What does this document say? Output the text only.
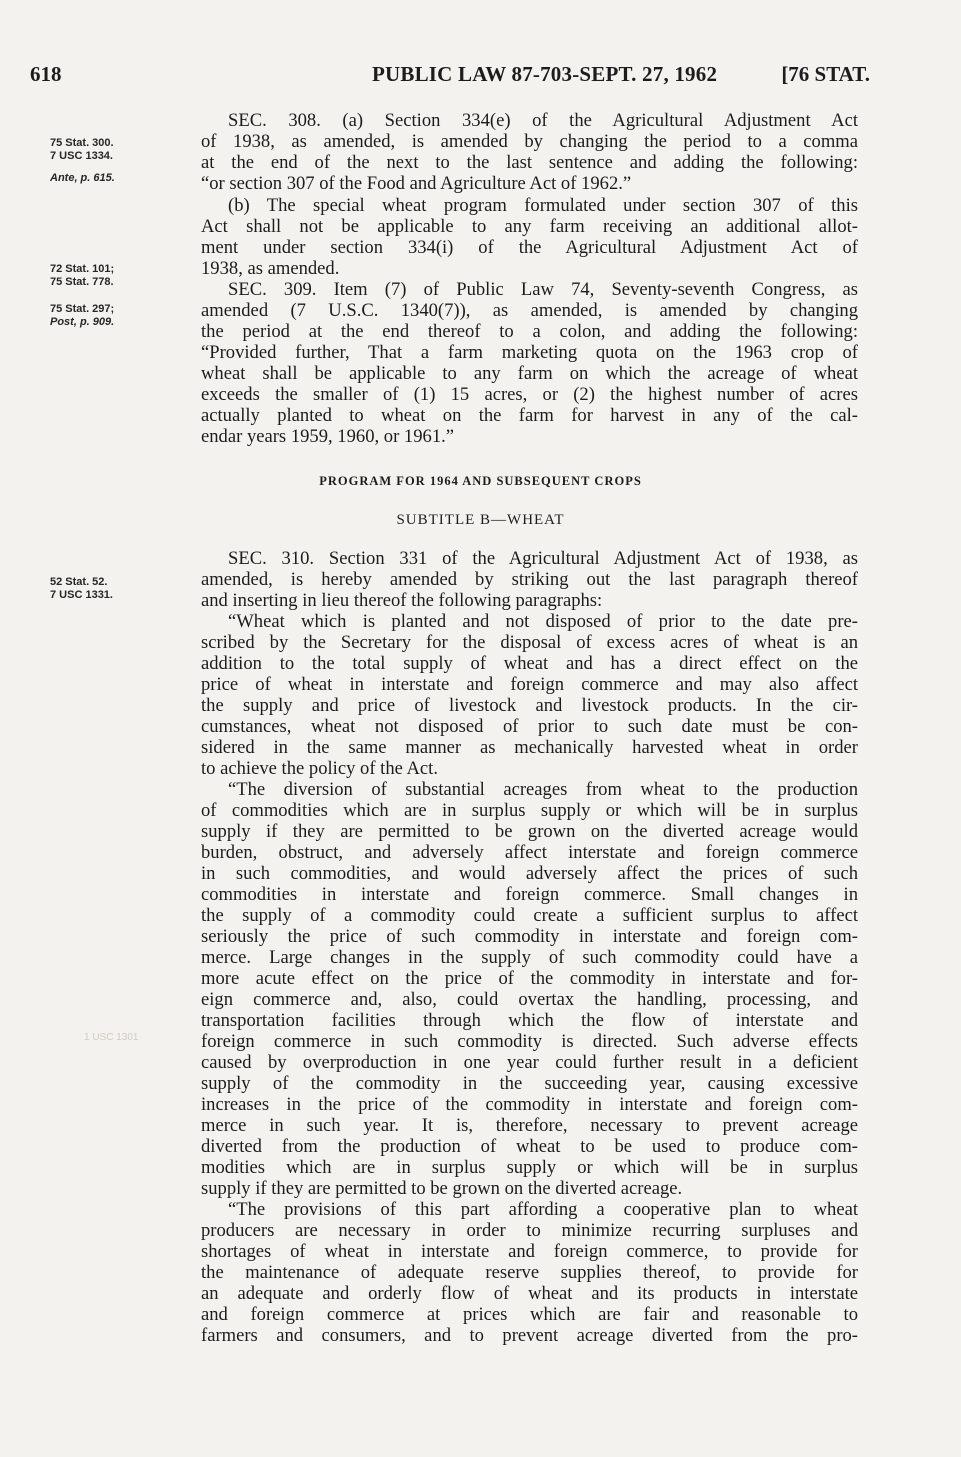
618	PUBLIC LAW 87-703-SEPT. 27, 1962	[76 STAT.
75 Stat. 300.
7 USC 1334.
Ante, p. 615.
72 Stat. 101;
75 Stat. 778.
75 Stat. 297;
Post, p. 909.
52 Stat. 52.
7 USC 1331.
1 USC 1301
SEC. 308. (a) Section 334(e) of the Agricultural Adjustment Act
of 1938, as amended, is amended by changing the period to a comma
at the end of the next to the last sentence and adding the following:
“or section 307 of the Food and Agriculture Act of 1962.”
(b) The special wheat program formulated under section 307 of this
Act shall not be applicable to any farm receiving an additional allot-
ment under section 334(i) of the Agricultural Adjustment Act of
1938, as amended.
SEC. 309. Item (7) of Public Law 74, Seventy-seventh Congress, as
amended (7 U.S.C. 1340(7)), as amended, is amended by changing
the period at the end thereof to a colon, and adding the following:
“Provided further, That a farm marketing quota on the 1963 crop of
wheat shall be applicable to any farm on which the acreage of wheat
exceeds the smaller of (1) 15 acres, or (2) the highest number of acres
actually planted to wheat on the farm for harvest in any of the cal-
endar years 1959, 1960, or 1961.”
PROGRAM FOR 1964 AND SUBSEQUENT CROPS
SUBTITLE B—WHEAT
SEC. 310. Section 331 of the Agricultural Adjustment Act of 1938, as
amended, is hereby amended by striking out the last paragraph thereof
and inserting in lieu thereof the following paragraphs:
“Wheat which is planted and not disposed of prior to the date pre-
scribed by the Secretary for the disposal of excess acres of wheat is an
addition to the total supply of wheat and has a direct effect on the
price of wheat in interstate and foreign commerce and may also affect
the supply and price of livestock and livestock products. In the cir-
cumstances, wheat not disposed of prior to such date must be con-
sidered in the same manner as mechanically harvested wheat in order
to achieve the policy of the Act.
“The diversion of substantial acreages from wheat to the production
of commodities which are in surplus supply or which will be in surplus
supply if they are permitted to be grown on the diverted acreage would
burden, obstruct, and adversely affect interstate and foreign commerce
in such commodities, and would adversely affect the prices of such
commodities in interstate and foreign commerce. Small changes in
the supply of a commodity could create a sufficient surplus to affect
seriously the price of such commodity in interstate and foreign com-
merce. Large changes in the supply of such commodity could have a
more acute effect on the price of the commodity in interstate and for-
eign commerce and, also, could overtax the handling, processing, and
transportation facilities through which the flow of interstate and
foreign commerce in such commodity is directed. Such adverse effects
caused by overproduction in one year could further result in a deficient
supply of the commodity in the succeeding year, causing excessive
increases in the price of the commodity in interstate and foreign com-
merce in such year. It is, therefore, necessary to prevent acreage
diverted from the production of wheat to be used to produce com-
modities which are in surplus supply or which will be in surplus
supply if they are permitted to be grown on the diverted acreage.
“The provisions of this part affording a cooperative plan to wheat
producers are necessary in order to minimize recurring surpluses and
shortages of wheat in interstate and foreign commerce, to provide for
the maintenance of adequate reserve supplies thereof, to provide for
an adequate and orderly flow of wheat and its products in interstate
and foreign commerce at prices which are fair and reasonable to
farmers and consumers, and to prevent acreage diverted from the pro-
